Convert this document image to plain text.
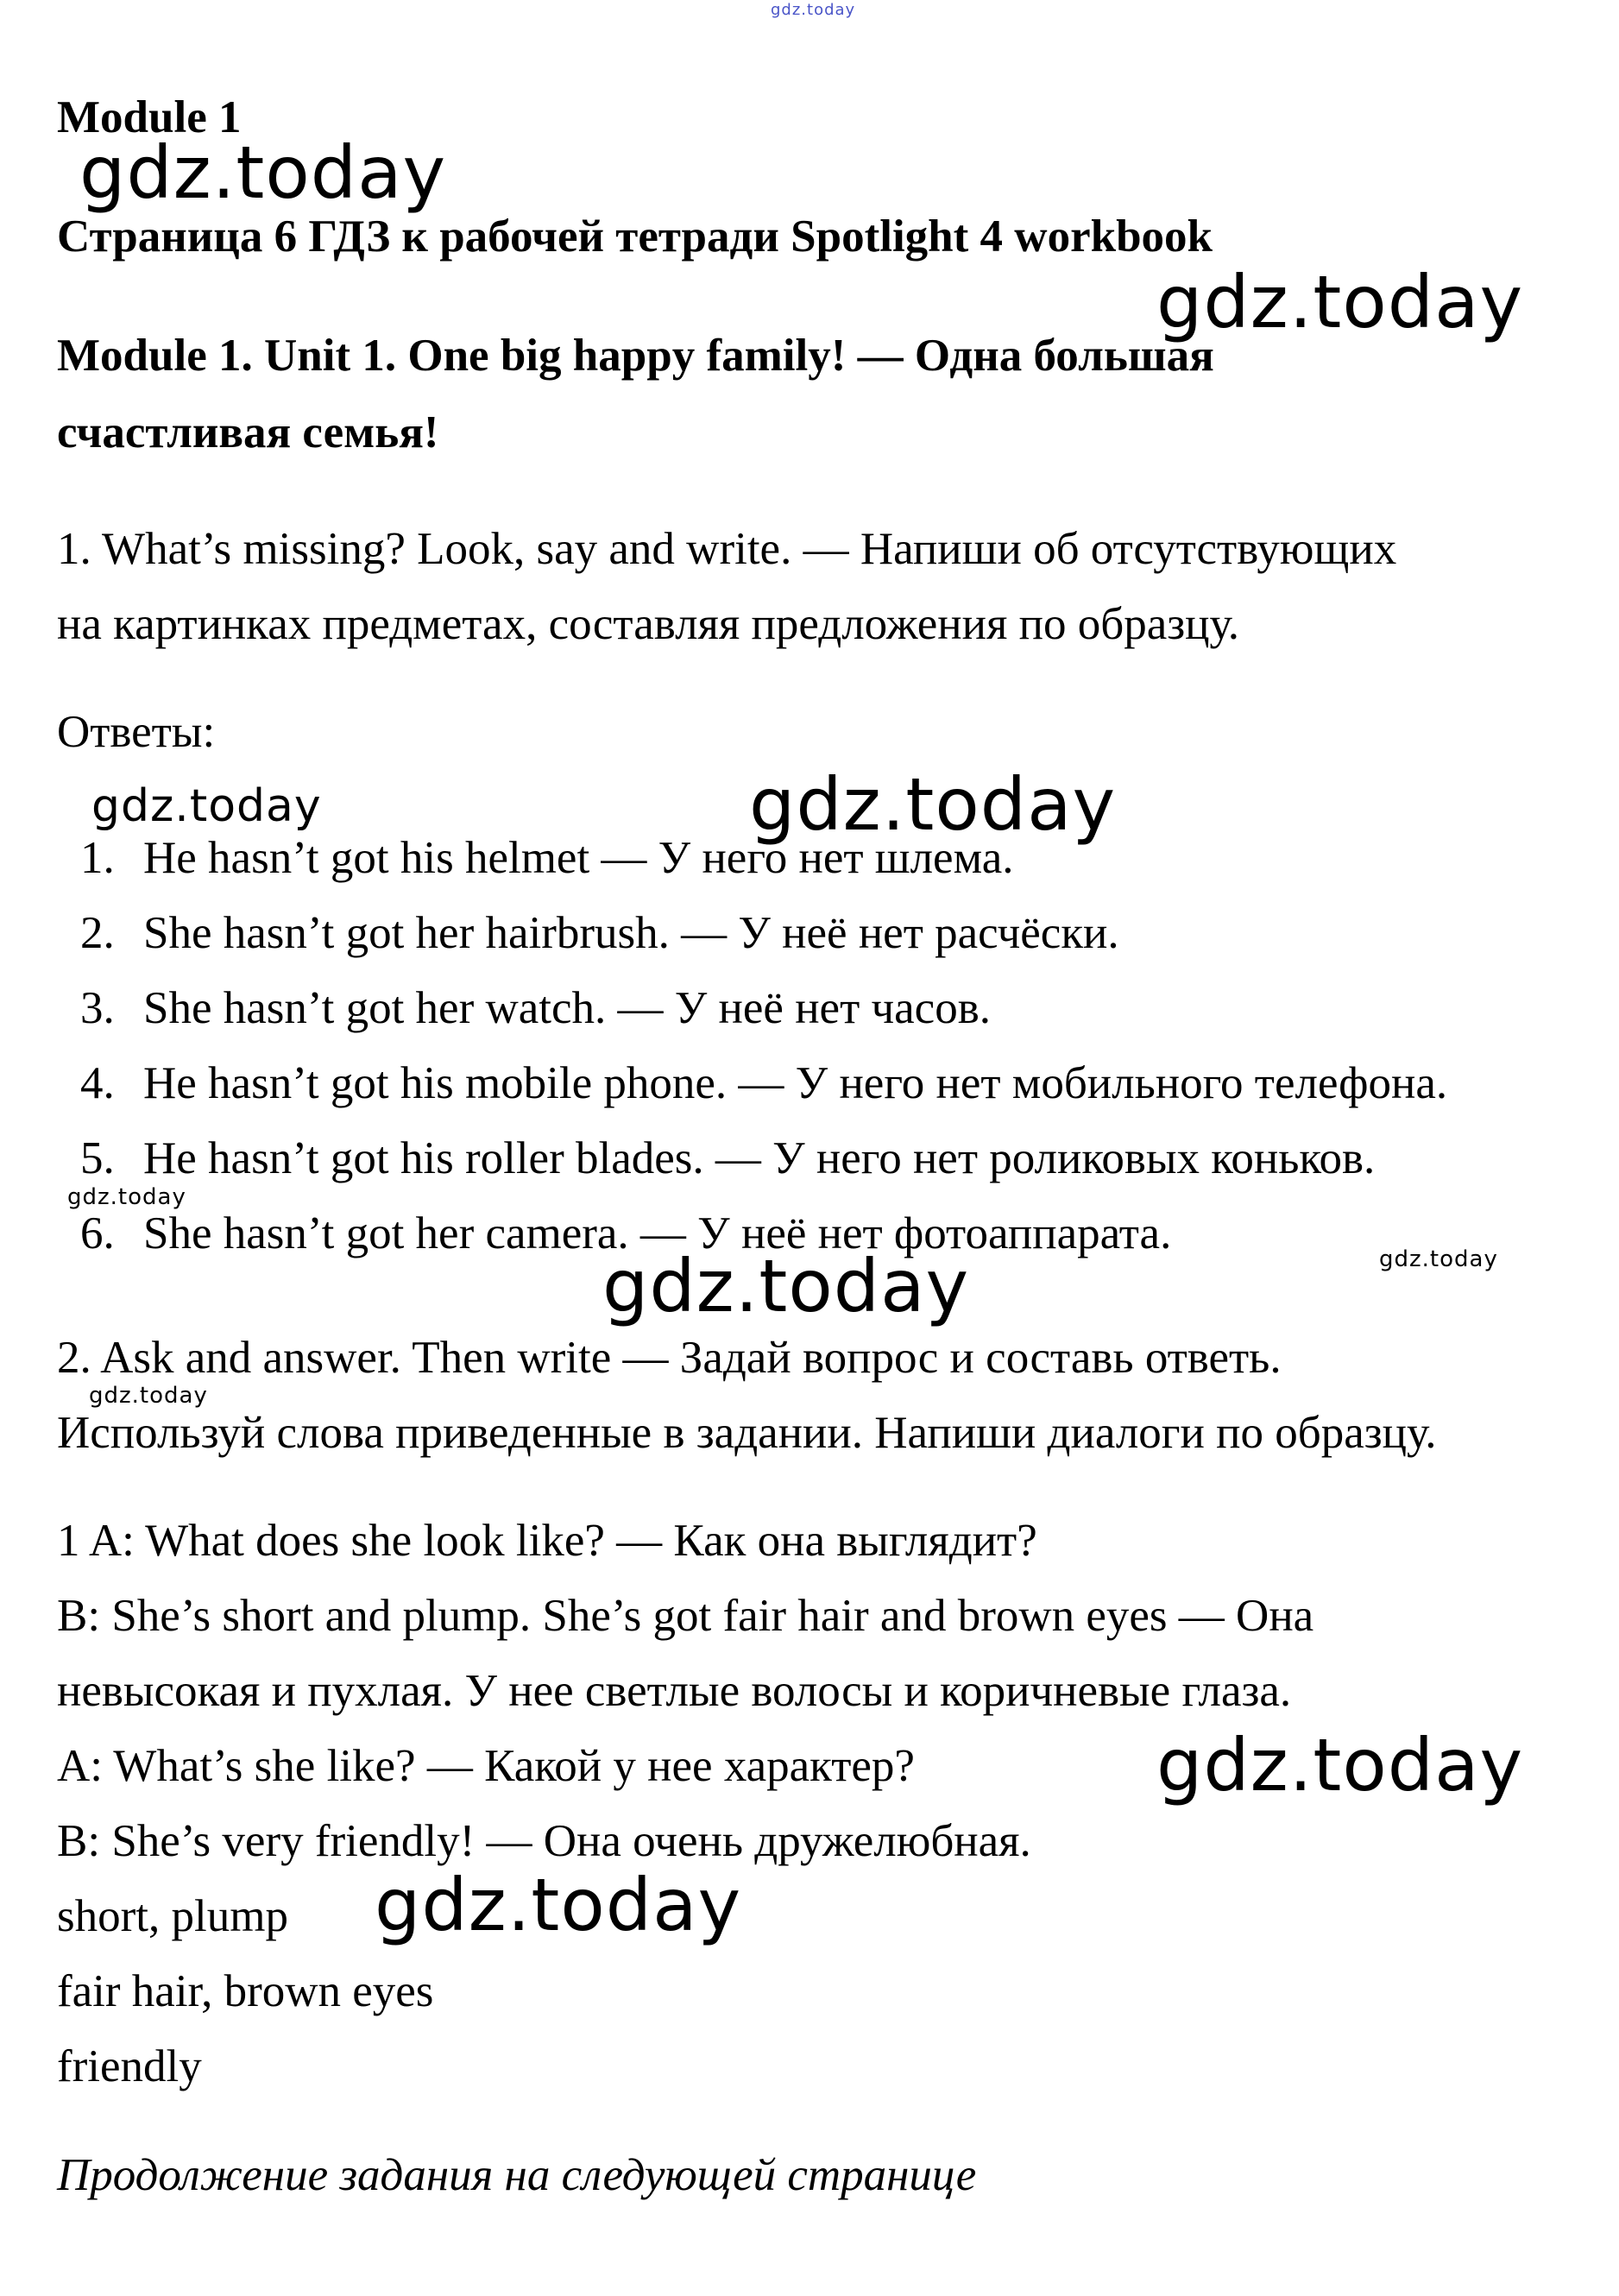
gdz.today
Module 1
Страница 6 ГДЗ к рабочей тетради Spotlight 4 workbook
Module 1. Unit 1. One big happy family! — Одна большая
счастливая семья!
1. What’s missing? Look, say and write. — Напиши об отсутствующих
на картинках предметах, составляя предложения по образцу.
Ответы:
1. He hasn’t got his helmet — У него нет шлема.
2. She hasn’t got her hairbrush. — У неё нет расчёски.
3. She hasn’t got her watch. — У неё нет часов.
4. He hasn’t got his mobile phone. — У него нет мобильного телефона.
5. He hasn’t got his roller blades. — У него нет роликовых коньков.
6. She hasn’t got her camera. — У неё нет фотоаппарата.
2. Ask and answer. Then write — Задай вопрос и составь ответь.
Используй слова приведенные в задании. Напиши диалоги по образцу.
1 A: What does she look like? — Как она выглядит?
B: She’s short and plump. She’s got fair hair and brown eyes — Она
невысокая и пухлая. У нее светлые волосы и коричневые глаза.
A: What’s she like? — Какой у нее характер?
B: She’s very friendly! — Она очень дружелюбная.
short, plump
fair hair, brown eyes
friendly
Продолжение задания на следующей странице
gdz.today
gdz.today
gdz.today	gdz.today
gdz.today
gdz.today
gdz.today
gdz.today
gdz.today
gdz.today
